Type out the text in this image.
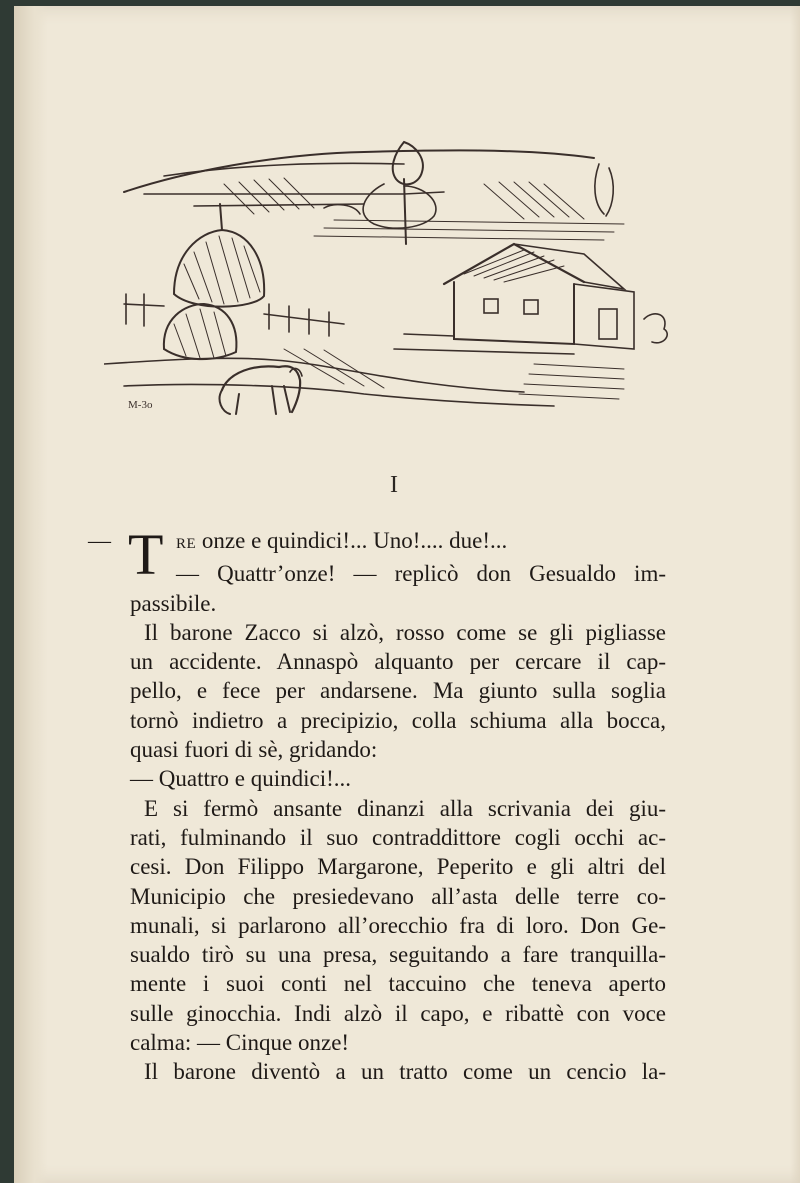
M-3o
I
— T RE onze e quindici!... Uno!.... due!...
— Quattr’onze! — replicò don Gesualdo im-
passibile.
Il barone Zacco si alzò, rosso come se gli pigliasse
un accidente. Annaspò alquanto per cercare il cap-
pello, e fece per andarsene. Ma giunto sulla soglia
tornò indietro a precipizio, colla schiuma alla bocca,
quasi fuori di sè, gridando:
— Quattro e quindici!...
E si fermò ansante dinanzi alla scrivania dei giu-
rati, fulminando il suo contraddittore cogli occhi ac-
cesi. Don Filippo Margarone, Peperito e gli altri del
Municipio che presiedevano all’asta delle terre co-
munali, si parlarono all’orecchio fra di loro. Don Ge-
sualdo tirò su una presa, seguitando a fare tranquilla-
mente i suoi conti nel taccuino che teneva aperto
sulle ginocchia. Indi alzò il capo, e ribattè con voce
calma: — Cinque onze!
Il barone diventò a un tratto come un cencio la-
